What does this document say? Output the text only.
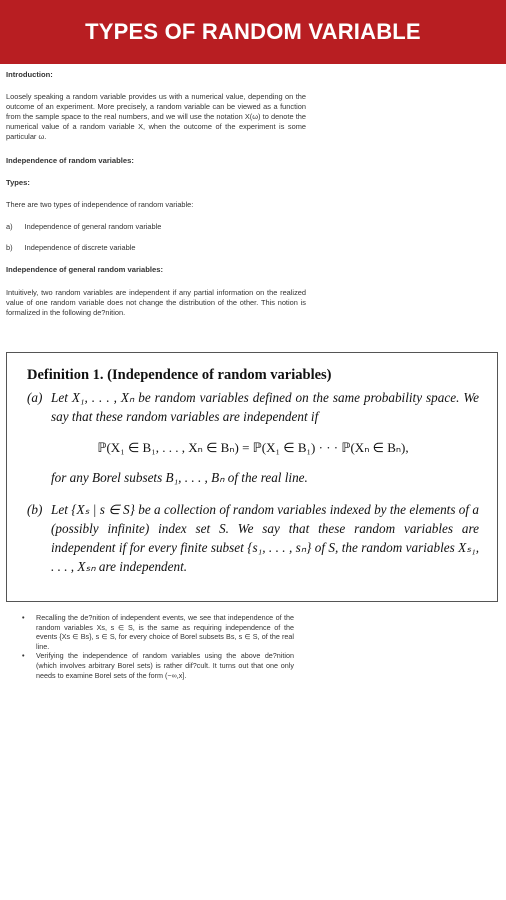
TYPES OF RANDOM VARIABLE

Introduction:

Loosely speaking a random variable provides us with a numerical value, depending on the outcome of an experiment. More precisely, a random variable can be viewed as a function from the sample space to the real numbers, and we will use the notation X(ω) to denote the numerical value of a random variable X, when the outcome of the experiment is some particular ω.

Independence of random variables:

Types:

There are two types of independence of random variable:

a) Independence of general random variable
b) Independence of discrete variable

Independence of general random variables:

Intuitively, two random variables are independent if any partial information on the realized value of one random variable does not change the distribution of the other. This notion is formalized in the following de?nition.

Definition 1. (Independence of random variables)

(a) Let X₁, . . . , Xₙ be random variables defined on the same probability space. We say that these random variables are independent if

ℙ(X₁ ∈ B₁, . . . , Xₙ ∈ Bₙ) = ℙ(X₁ ∈ B₁) · · · ℙ(Xₙ ∈ Bₙ),

for any Borel subsets B₁, . . . , Bₙ of the real line.

(b) Let {Xₛ | s ∈ S} be a collection of random variables indexed by the elements of a (possibly infinite) index set S. We say that these random variables are independent if for every finite subset {s₁, . . . , sₙ} of S, the random variables Xₛ₁, . . . , Xₛₙ are independent.
•	Recalling the de?nition of independent events, we see that independence of the random variables Xs, s ∈ S, is the same as requiring independence of the events {Xs ∈ Bs}, s ∈ S, for every choice of Borel subsets Bs, s ∈ S, of the real line.
•	Verifying the independence of random variables using the above de?nition (which involves arbitrary Borel sets) is rather dif?cult. It turns out that one only needs to examine Borel sets of the form (−∞,x].
